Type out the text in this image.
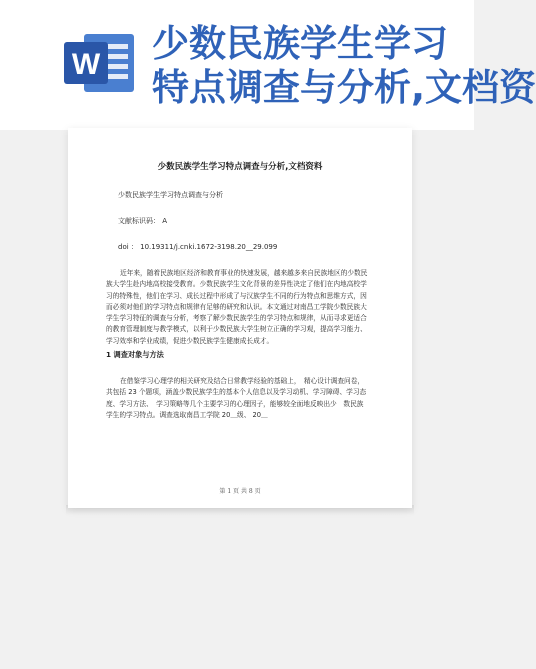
W 少数民族学生学习
特点调查与分析,文档资
少数民族学生学习特点调查与分析,文档资料
少数民族学生学习特点调查与分析
文献标识码： A
doi ： 10.19311/j.cnki.1672-3198.20__29.099

近年来，随着民族地区经济和教育事业的快速发展，越来越多来自民族地区的少数民族大学生赴内地高校接受教育。少数民族学生文化背景的差异性决定了他们在内地高校学习的特殊性，他们在学习、成长过程中形成了与汉族学生不同的行为特点和思维方式，因而必须对他们的学习特点和规律有足够的研究和认识。本文通过对南昌工学院少数民族大学生学习特征的调查与分析，考察了解少数民族学生的学习特点和规律，从而寻求更适合的教育管理制度与教学模式，以利于少数民族大学生树立正确的学习观，提高学习能力、学习效率和学业成绩，促进少数民族学生健康成长成才。

1 调查对象与方法

在借鉴学习心理学的相关研究及结合日常教学经验的基础上，　精心设计调查问卷，共包括 23 个题项，涵盖少数民族学生的基本个人信息以及学习动机、学习障碍、学习态度、学习方法、　学习策略等几个主要学习的心理因子，能够较全面地反映出少　数民族学生的学习特点。调查选取南昌工学院 20＿级、 20＿

第 1 页 共 8 页
